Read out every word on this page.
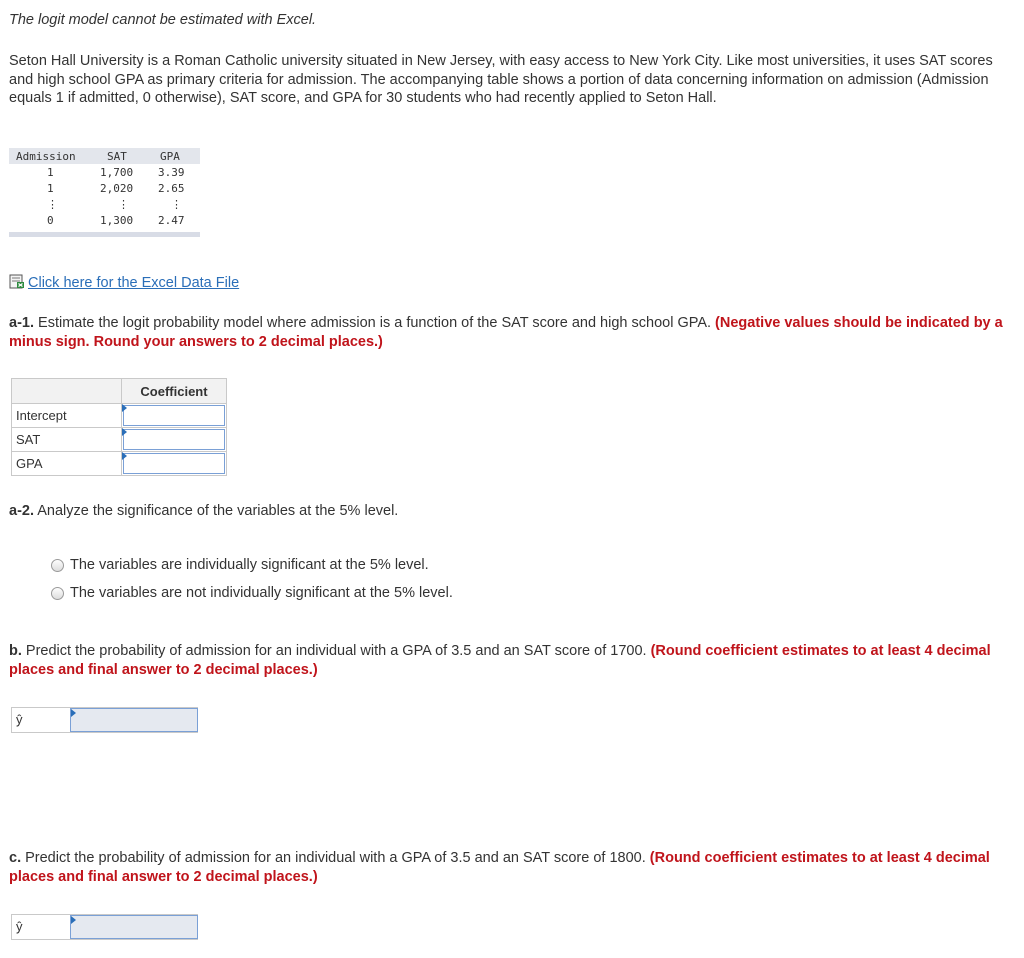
The logit model cannot be estimated with Excel.
Seton Hall University is a Roman Catholic university situated in New Jersey, with easy access to New York City. Like most universities, it uses SAT scores and high school GPA as primary criteria for admission. The accompanying table shows a portion of data concerning information on admission (Admission equals 1 if admitted, 0 otherwise), SAT score, and GPA for 30 students who had recently applied to Seton Hall.
Admission	SAT	GPA
1	1,700 3.39
1	2,020 2.65
⋮	⋮	⋮
0	1,300 2.47
Click here for the Excel Data File
a-1. Estimate the logit probability model where admission is a function of the SAT score and high school GPA. (Negative values should be indicated by a minus sign. Round your answers to 2 decimal places.)
	Coefficient
Intercept	

SAT	

GPA	
a-2. Analyze the significance of the variables at the 5% level.
The variables are individually significant at the 5% level.
The variables are not individually significant at the 5% level.
b. Predict the probability of admission for an individual with a GPA of 3.5 and an SAT score of 1700. (Round coefficient estimates to at least 4 decimal places and final answer to 2 decimal places.)
ŷ
c. Predict the probability of admission for an individual with a GPA of 3.5 and an SAT score of 1800. (Round coefficient estimates to at least 4 decimal places and final answer to 2 decimal places.)
ŷ
